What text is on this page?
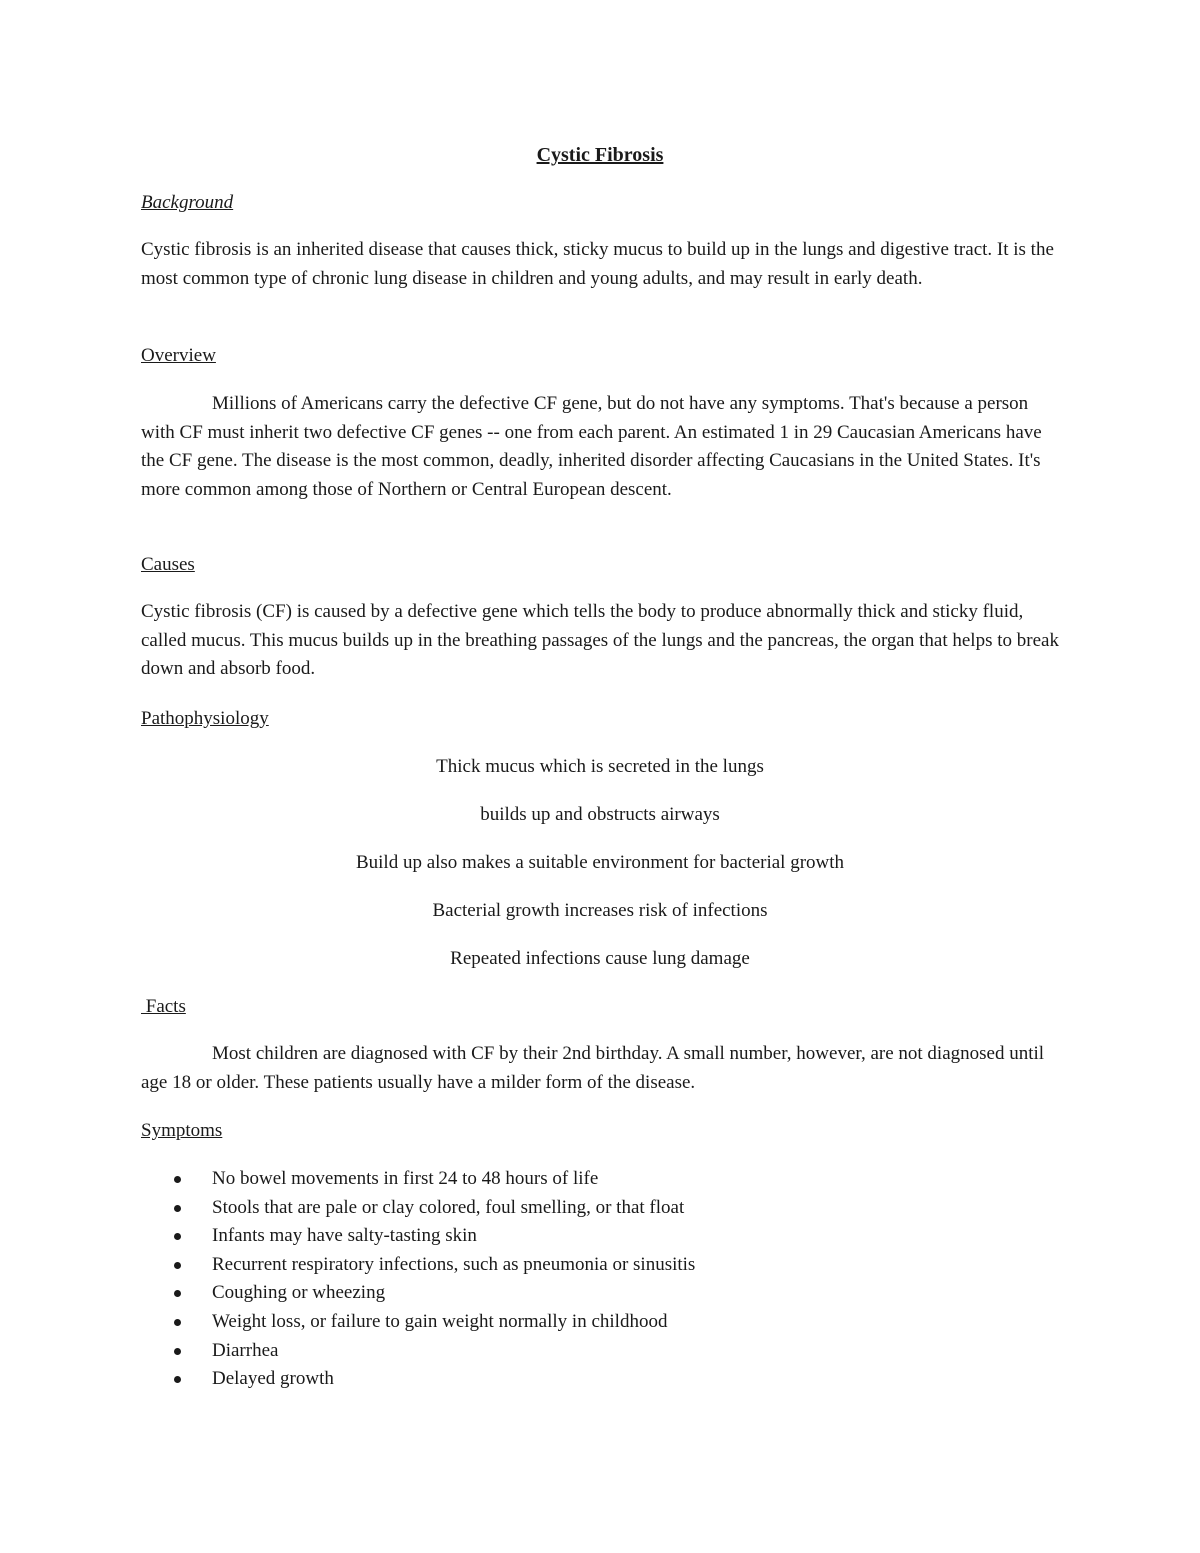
Cystic Fibrosis
Background

Cystic fibrosis is an inherited disease that causes thick, sticky mucus to build up in the lungs and digestive tract. It is the most common type of chronic lung disease in children and young adults, and may result in early death.

Overview

Millions of Americans carry the defective CF gene, but do not have any symptoms. That's because a person with CF must inherit two defective CF genes -- one from each parent. An estimated 1 in 29 Caucasian Americans have the CF gene. The disease is the most common, deadly, inherited disorder affecting Caucasians in the United States. It's more common among those of Northern or Central European descent.

Causes

Cystic fibrosis (CF) is caused by a defective gene which tells the body to produce abnormally thick and sticky fluid, called mucus. This mucus builds up in the breathing passages of the lungs and the pancreas, the organ that helps to break down and absorb food.

Pathophysiology
Thick mucus which is secreted in the lungs
builds up and obstructs airways
Build up also makes a suitable environment for bacterial growth
Bacterial growth increases risk of infections
Repeated infections cause lung damage
Facts

Most children are diagnosed with CF by their 2nd birthday. A small number, however, are not diagnosed until age 18 or older. These patients usually have a milder form of the disease.

Symptoms
No bowel movements in first 24 to 48 hours of life
Stools that are pale or clay colored, foul smelling, or that float
Infants may have salty-tasting skin
Recurrent respiratory infections, such as pneumonia or sinusitis
Coughing or wheezing
Weight loss, or failure to gain weight normally in childhood
Diarrhea
Delayed growth
